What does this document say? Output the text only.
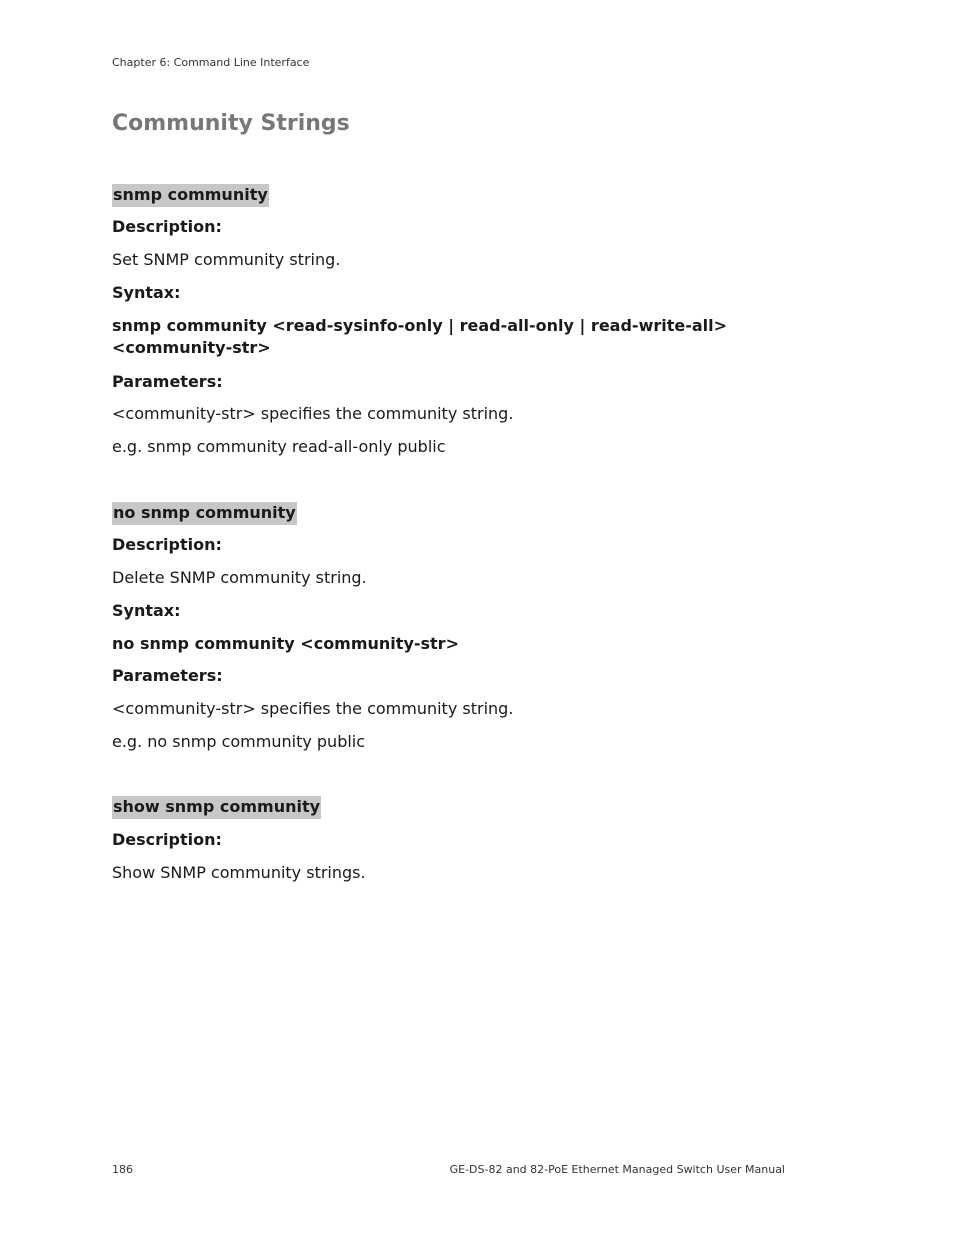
Chapter 6: Command Line Interface
Community Strings
snmp community
Description:
Set SNMP community string.
Syntax:
snmp community <read-sysinfo-only | read-all-only | read-write-all><community-str>
Parameters:
<community-str> specifies the community string.
e.g. snmp community read-all-only public
no snmp community
Description:
Delete SNMP community string.
Syntax:
no snmp community <community-str>
Parameters:
<community-str> specifies the community string.
e.g. no snmp community public
show snmp community
Description:
Show SNMP community strings.
186	GE-DS-82 and 82-PoE Ethernet Managed Switch User Manual
